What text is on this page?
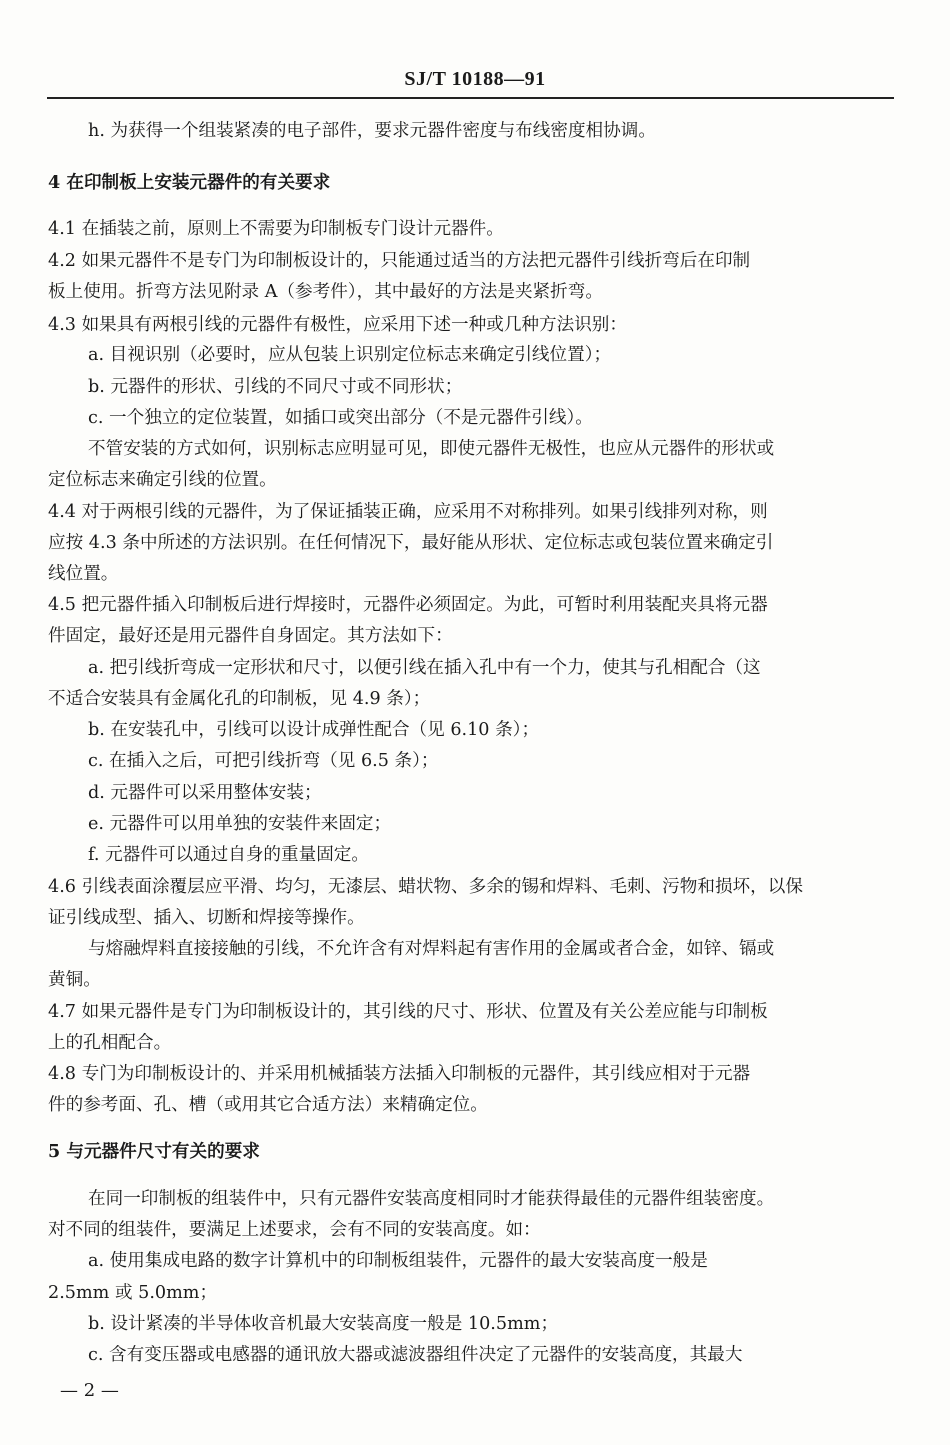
SJ/T 10188—91
h. 为获得一个组装紧凑的电子部件，要求元器件密度与布线密度相协调。
4 在印制板上安装元器件的有关要求
4.1 在插装之前，原则上不需要为印制板专门设计元器件。
4.2 如果元器件不是专门为印制板设计的，只能通过适当的方法把元器件引线折弯后在印制
板上使用。折弯方法见附录 A（参考件），其中最好的方法是夹紧折弯。
4.3 如果具有两根引线的元器件有极性，应采用下述一种或几种方法识别：
a. 目视识别（必要时，应从包装上识别定位标志来确定引线位置）；
b. 元器件的形状、引线的不同尺寸或不同形状；
c. 一个独立的定位装置，如插口或突出部分（不是元器件引线）。
不管安装的方式如何，识别标志应明显可见，即使元器件无极性，也应从元器件的形状或
定位标志来确定引线的位置。
4.4 对于两根引线的元器件，为了保证插装正确，应采用不对称排列。如果引线排列对称，则
应按 4.3 条中所述的方法识别。在任何情况下，最好能从形状、定位标志或包装位置来确定引
线位置。
4.5 把元器件插入印制板后进行焊接时，元器件必须固定。为此，可暂时利用装配夹具将元器
件固定，最好还是用元器件自身固定。其方法如下：
a. 把引线折弯成一定形状和尺寸，以便引线在插入孔中有一个力，使其与孔相配合（这
不适合安装具有金属化孔的印制板，见 4.9 条）；
b. 在安装孔中，引线可以设计成弹性配合（见 6.10 条）；
c. 在插入之后，可把引线折弯（见 6.5 条）；
d. 元器件可以采用整体安装；
e. 元器件可以用单独的安装件来固定；
f. 元器件可以通过自身的重量固定。
4.6 引线表面涂覆层应平滑、均匀，无漆层、蜡状物、多余的锡和焊料、毛刺、污物和损坏，以保
证引线成型、插入、切断和焊接等操作。
与熔融焊料直接接触的引线，不允许含有对焊料起有害作用的金属或者合金，如锌、镉或
黄铜。
4.7 如果元器件是专门为印制板设计的，其引线的尺寸、形状、位置及有关公差应能与印制板
上的孔相配合。
4.8 专门为印制板设计的、并采用机械插装方法插入印制板的元器件，其引线应相对于元器
件的参考面、孔、槽（或用其它合适方法）来精确定位。
5 与元器件尺寸有关的要求
在同一印制板的组装件中，只有元器件安装高度相同时才能获得最佳的元器件组装密度。
对不同的组装件，要满足上述要求，会有不同的安装高度。如：
a. 使用集成电路的数字计算机中的印制板组装件，元器件的最大安装高度一般是
2.5mm 或 5.0mm；
b. 设计紧凑的半导体收音机最大安装高度一般是 10.5mm；
c. 含有变压器或电感器的通讯放大器或滤波器组件决定了元器件的安装高度，其最大
— 2 —
